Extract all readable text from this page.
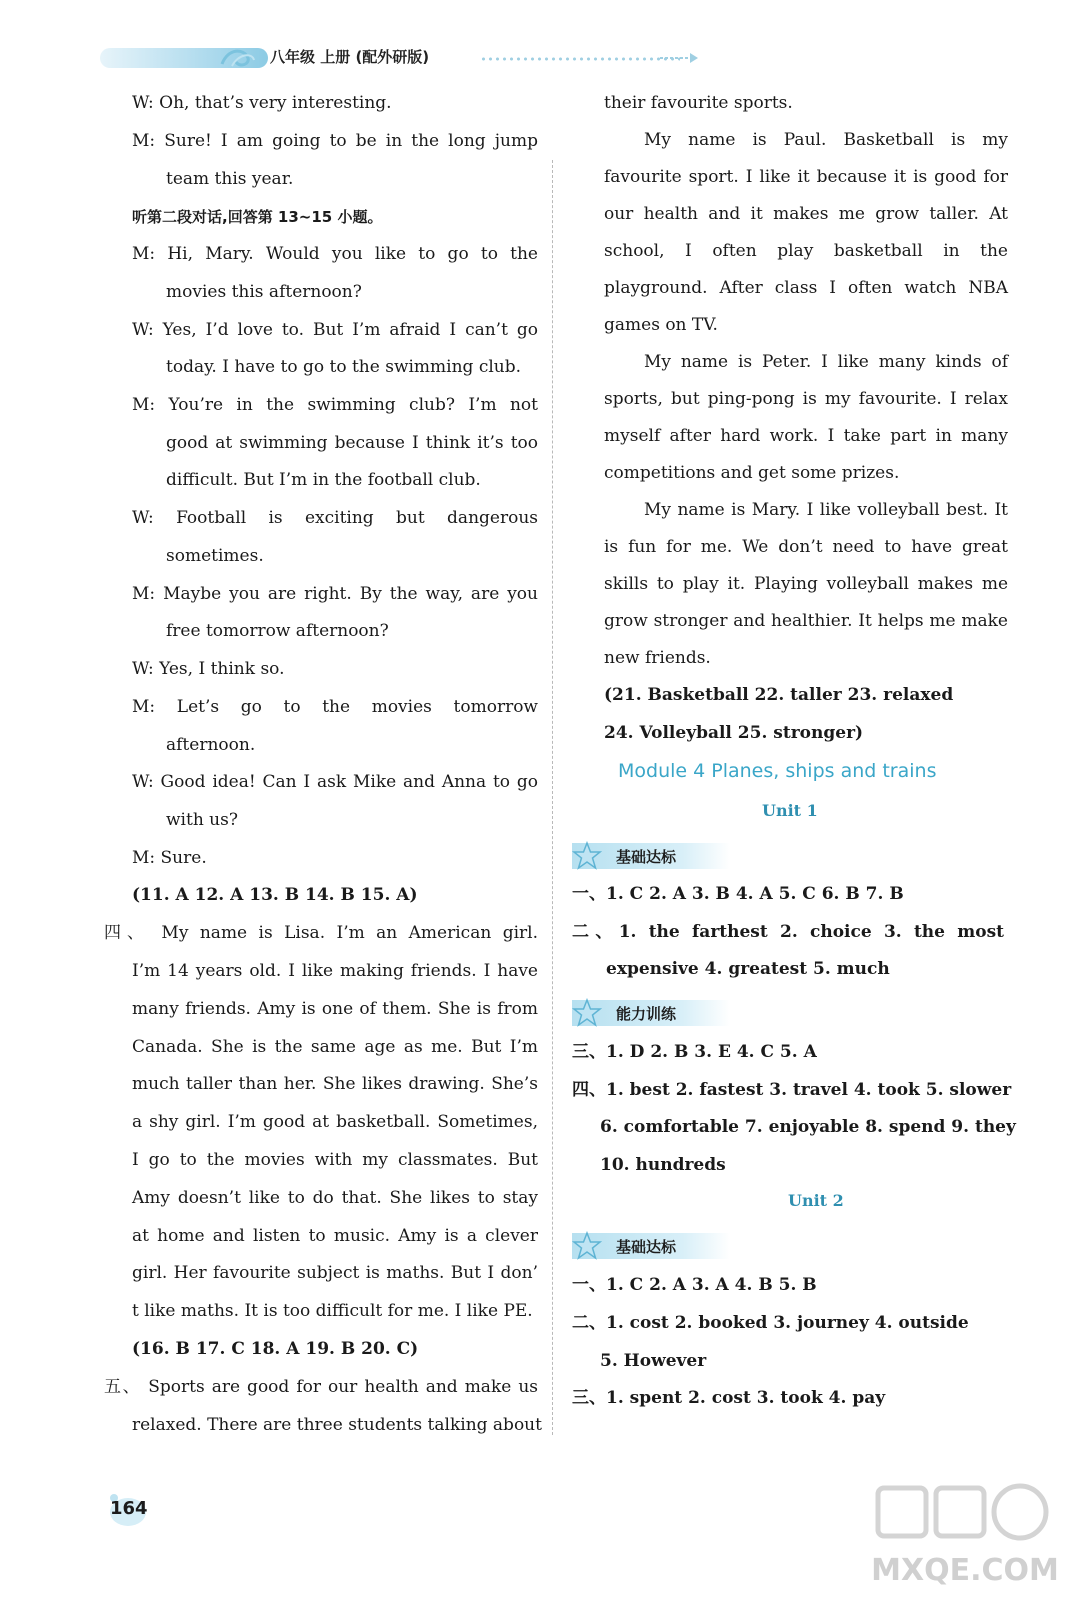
八年级 上册 (配外研版)
W: Oh, that’s very interesting.
M: Sure! I am going to be in the long jump
team this year.
听第二段对话,回答第 13~15 小题。
M: Hi, Mary. Would you like to go to the
movies this afternoon?
W: Yes, I’d love to. But I’m afraid I can’t go
today. I have to go to the swimming club.
M: You’re in the swimming club? I’m not
good at swimming because I think it’s too
difficult. But I’m in the football club.
W: Football is exciting but dangerous
sometimes.
M: Maybe you are right. By the way, are you
free tomorrow afternoon?
W: Yes, I think so.
M: Let’s go to the movies tomorrow
afternoon.
W: Good idea! Can I ask Mike and Anna to go
with us?
M: Sure.
(11. A 12. A 13. B 14. B 15. A)
四、 My name is Lisa. I’m an American girl.
I’m 14 years old. I like making friends. I have
many friends. Amy is one of them. She is from
Canada. She is the same age as me. But I’m
much taller than her. She likes drawing. She’s
a shy girl. I’m good at basketball. Sometimes,
I go to the movies with my classmates. But
Amy doesn’t like to do that. She likes to stay
at home and listen to music. Amy is a clever
girl. Her favourite subject is maths. But I don’
t like maths. It is too difficult for me. I like PE.
(16. B 17. C 18. A 19. B 20. C)
五、 Sports are good for our health and make us
relaxed. There are three students talking about
their favourite sports.
My name is Paul. Basketball is my
favourite sport. I like it because it is good for
our health and it makes me grow taller. At
school, I often play basketball in the
playground. After class I often watch NBA
games on TV.
My name is Peter. I like many kinds of
sports, but ping-pong is my favourite. I relax
myself after hard work. I take part in many
competitions and get some prizes.
My name is Mary. I like volleyball best. It
is fun for me. We don’t need to have great
skills to play it. Playing volleyball makes me
grow stronger and healthier. It helps me make
new friends.
(21. Basketball 22. taller 23. relaxed
24. Volleyball 25. stronger)
Module 4 Planes, ships and trains
Unit 1
基础达标
一、1. C 2. A 3. B 4. A 5. C 6. B 7. B
二、1. the farthest 2. choice 3. the most
expensive 4. greatest 5. much
能力训练
三、1. D 2. B 3. E 4. C 5. A
四、1. best 2. fastest 3. travel 4. took 5. slower
6. comfortable 7. enjoyable 8. spend 9. they
10. hundreds
Unit 2
基础达标
一、1. C 2. A 3. A 4. B 5. B
二、1. cost 2. booked 3. journey 4. outside
5. However
三、1. spent 2. cost 3. took 4. pay
164
MXQE.COM
